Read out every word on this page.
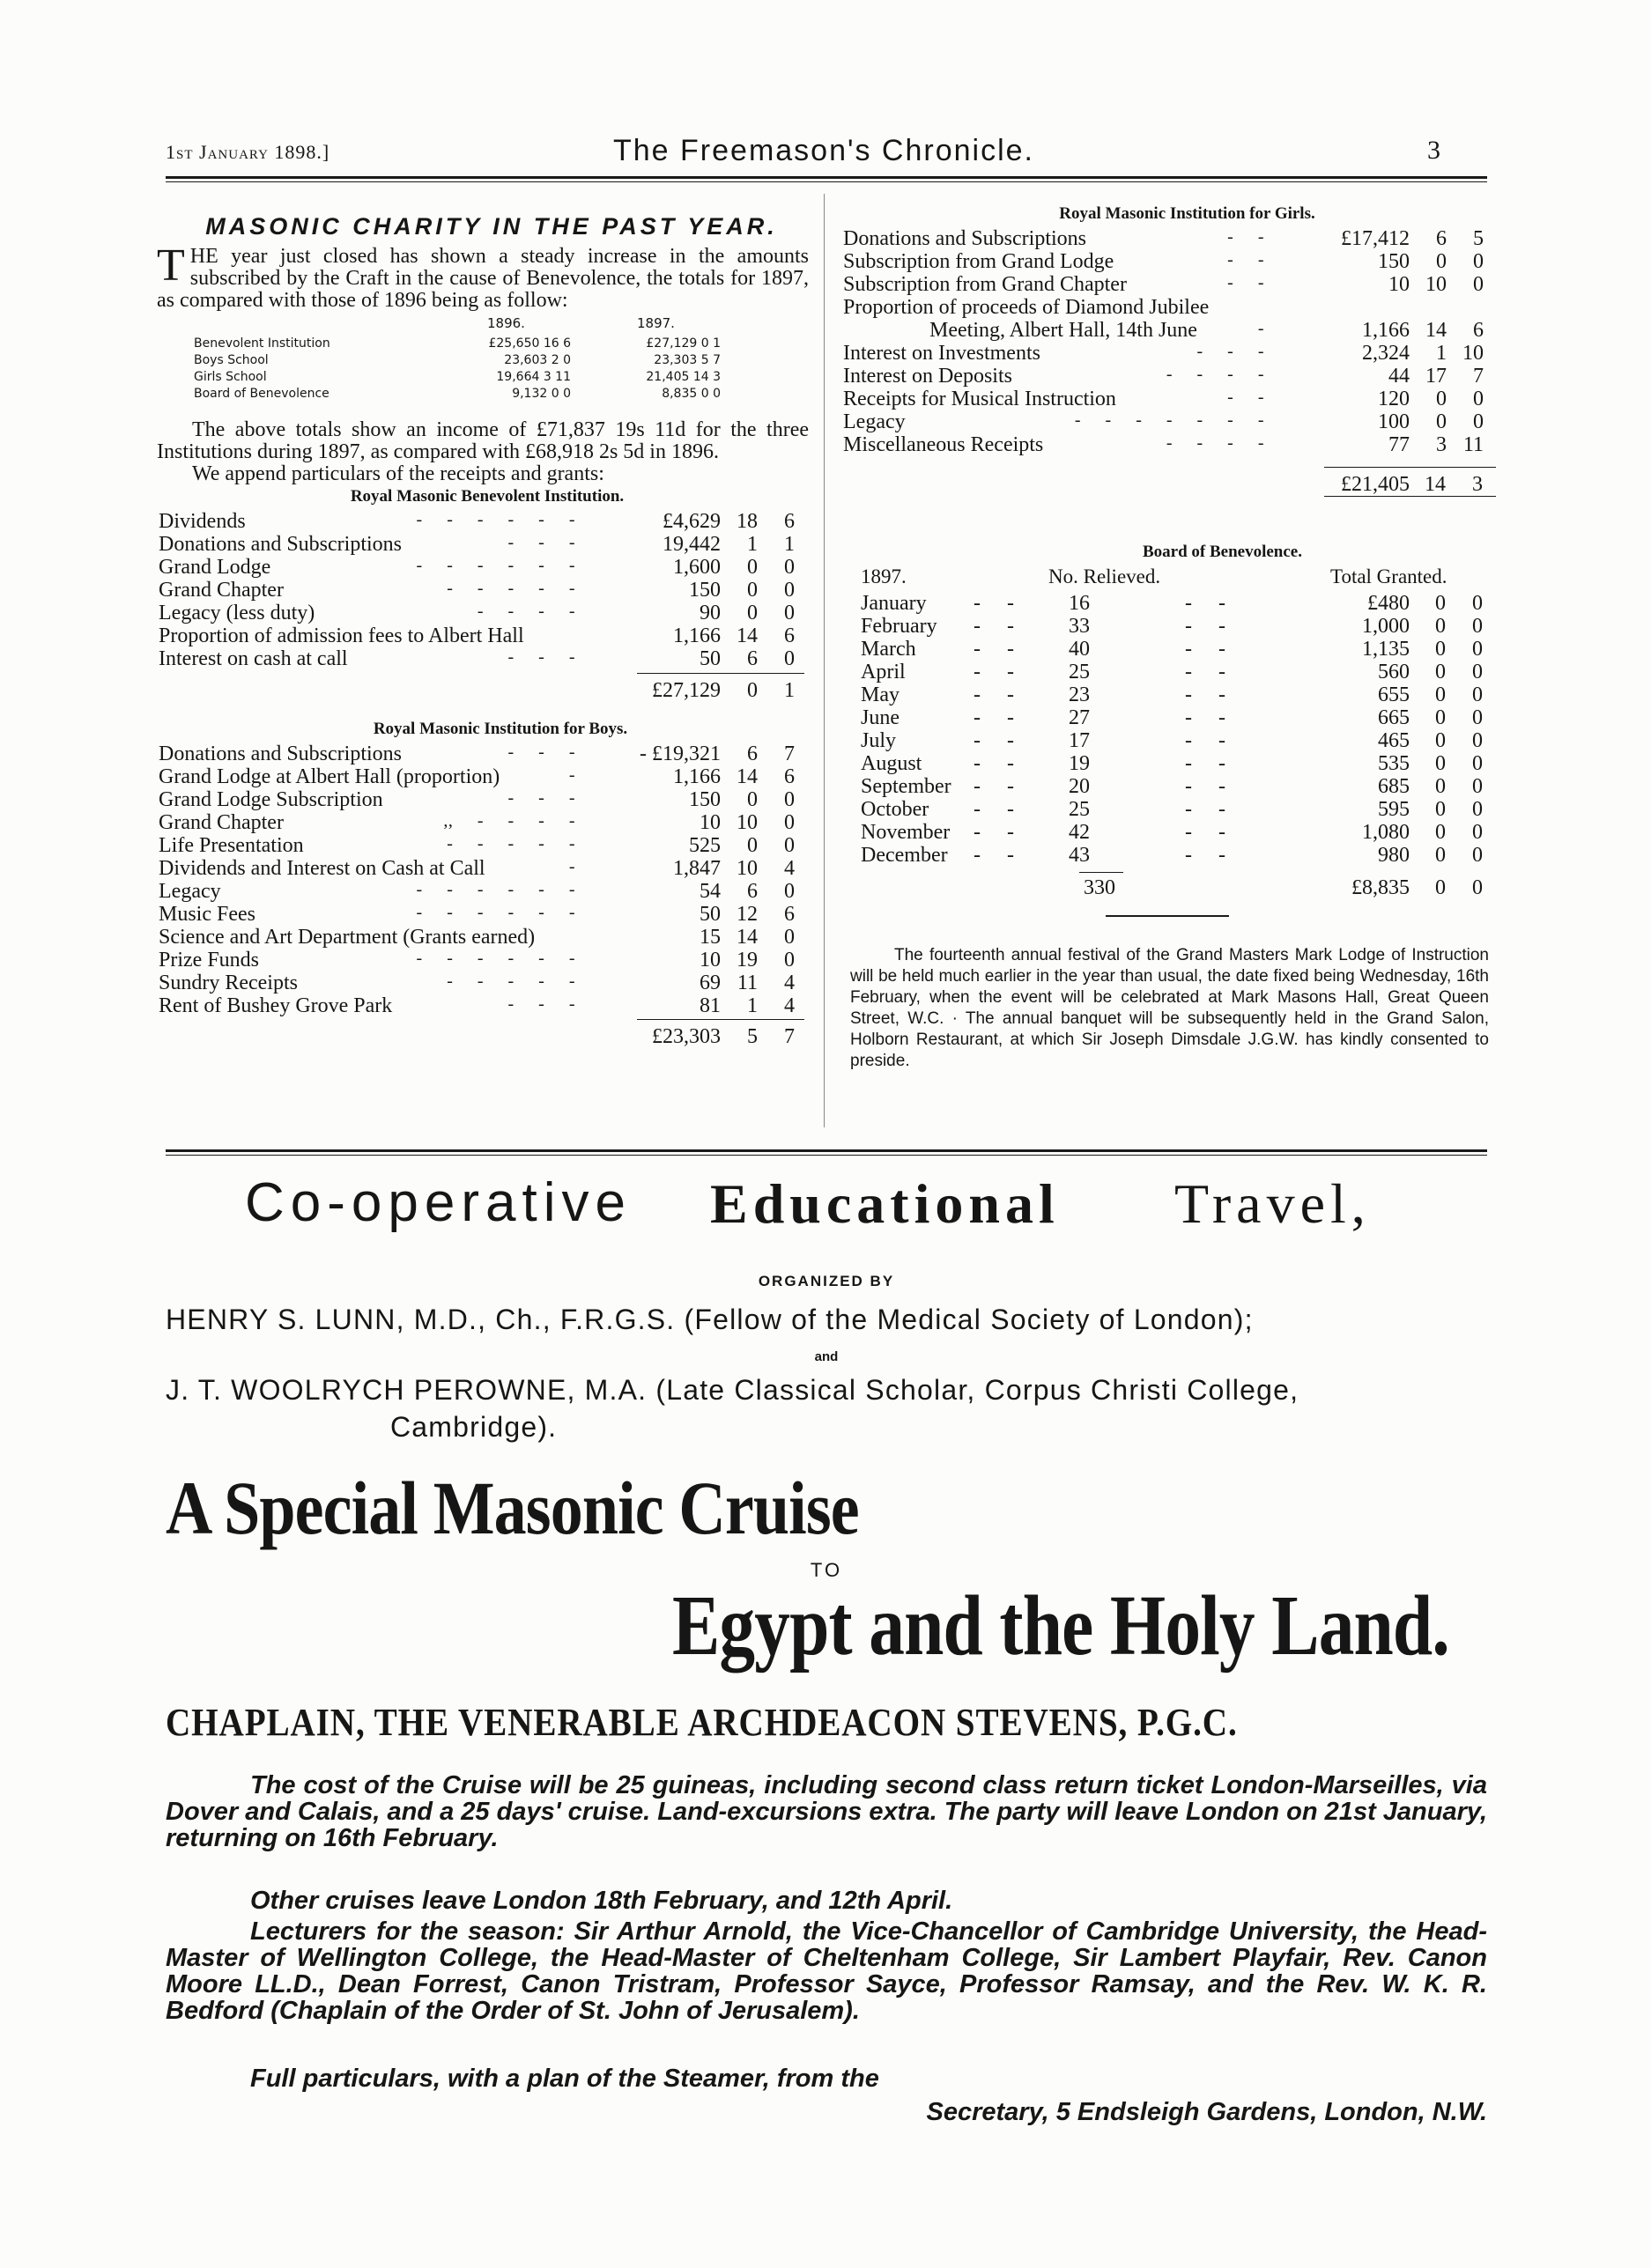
1st January 1898.]	The Freemason's Chronicle.	3
MASONIC CHARITY IN THE PAST YEAR.
T HE year just closed has shown a steady increase in the amounts subscribed by the Craft in the cause of Benevolence, the totals for 1897, as compared with those of 1896 being as follow:
1896.	1897.
Benevolent Institution	£25,650 16 6	£27,129 0 1
Boys School	23,603 2 0	23,303 5 7
Girls School	19,664 3 11	21,405 14 3
Board of Benevolence	9,132 0 0	8,835 0 0
The above totals show an income of £71,837 19s 11d for the three Institutions during 1897, as compared with £68,918 2s 5d in 1896.
We append particulars of the receipts and grants:
Royal Masonic Benevolent Institution.
Dividends	-     -     -     -     -     -	£4,629 18	6
Donations and Subscriptions	-     -     -	19,442	1	1
Grand Lodge	-     -     -     -     -     -	1,600	0	0
Grand Chapter	-     -     -     -     -	150	0	0
Legacy (less duty)	-     -     -     -	90	0	0
Proportion of admission fees to Albert Hall	1,166 14	6
Interest on cash at call	-     -     -	50	6	0
£27,129	0	1
Royal Masonic Institution for Boys.
Donations and Subscriptions	-     -     -	- £19,321	6	7
Grand Lodge at Albert Hall (proportion)	-	1,166 14	6
Grand Lodge Subscription	-     -     -	150	0	0
Grand Chapter	,,     -     -     -     -	10 10	0
Life Presentation	-     -     -     -     -	525	0	0
Dividends and Interest on Cash at Call	-	1,847 10	4
Legacy	-     -     -     -     -     -	54	6	0
Music Fees	-     -     -     -     -     -	50 12	6
Science and Art Department (Grants earned)	15 14	0
Prize Funds	-     -     -     -     -     -	10 19	0
Sundry Receipts	-     -     -     -     -	69 11	4
Rent of Bushey Grove Park	-     -     -	81	1	4
£23,303	5	7
Royal Masonic Institution for Girls.
Donations and Subscriptions	-     -	£17,412	6	5
Subscription from Grand Lodge	-     -	150	0	0
Subscription from Grand Chapter	-     -	10 10	0
Proportion of proceeds of Diamond Jubilee
Meeting, Albert Hall, 14th June	-	1,166 14	6
Interest on Investments	-     -     -	2,324	1 10
Interest on Deposits	-     -     -     -	44 17	7
Receipts for Musical Instruction	-     -	120	0	0
Legacy	-     -     -     -     -     -     -	100	0	0
Miscellaneous Receipts	-     -     -     -	77	3 11
£21,405 14	3
Board of Benevolence.
1897.	No. Relieved.	Total Granted.
January -     -	16	-     -	£480	0	0
February -     -	33	-     -	1,000	0	0
March	-     -	40	-     -	1,135	0	0
April	-     -	25	-     -	560	0	0
May	-     -	23	-     -	655	0	0
June	-     -	27	-     -	665	0	0
July	-     -	17	-     -	465	0	0
August -     -	19	-     -	535	0	0
September -     -	20	-     -	685	0	0
October -     -	25	-     -	595	0	0
November -     -	42	-     -	1,080	0	0
December -     -	43	-     -	980	0	0
330	£8,835	0	0
The fourteenth annual festival of the Grand Masters Mark Lodge of Instruction will be held much earlier in the year than usual, the date fixed being Wednesday, 16th February, when the event will be celebrated at Mark Masons Hall, Great Queen Street, W.C. · The annual banquet will be subsequently held in the Grand Salon, Holborn Restaurant, at which Sir Joseph Dimsdale J.G.W. has kindly consented to preside.
Co-operative Educational Travel,
ORGANIZED BY
HENRY S. LUNN, M.D., Ch., F.R.G.S. (Fellow of the Medical Society of London);
and
J. T. WOOLRYCH PEROWNE, M.A. (Late Classical Scholar, Corpus Christi College,
Cambridge).
A Special Masonic Cruise
TO
Egypt and the Holy Land.
CHAPLAIN, THE VENERABLE ARCHDEACON STEVENS, P.G.C.
The cost of the Cruise will be 25 guineas, including second class return ticket London-Marseilles, via Dover and Calais, and a 25 days' cruise. Land-excursions extra. The party will leave London on 21st January, returning on 16th February.
Other cruises leave London 18th February, and 12th April.
Lecturers for the season: Sir Arthur Arnold, the Vice-Chancellor of Cambridge University, the Head-Master of Wellington College, the Head-Master of Cheltenham College, Sir Lambert Playfair, Rev. Canon Moore LL.D., Dean Forrest, Canon Tristram, Professor Sayce, Professor Ramsay, and the Rev. W. K. R. Bedford (Chaplain of the Order of St. John of Jerusalem).
Full particulars, with a plan of the Steamer, from the
Secretary, 5 Endsleigh Gardens, London, N.W.
